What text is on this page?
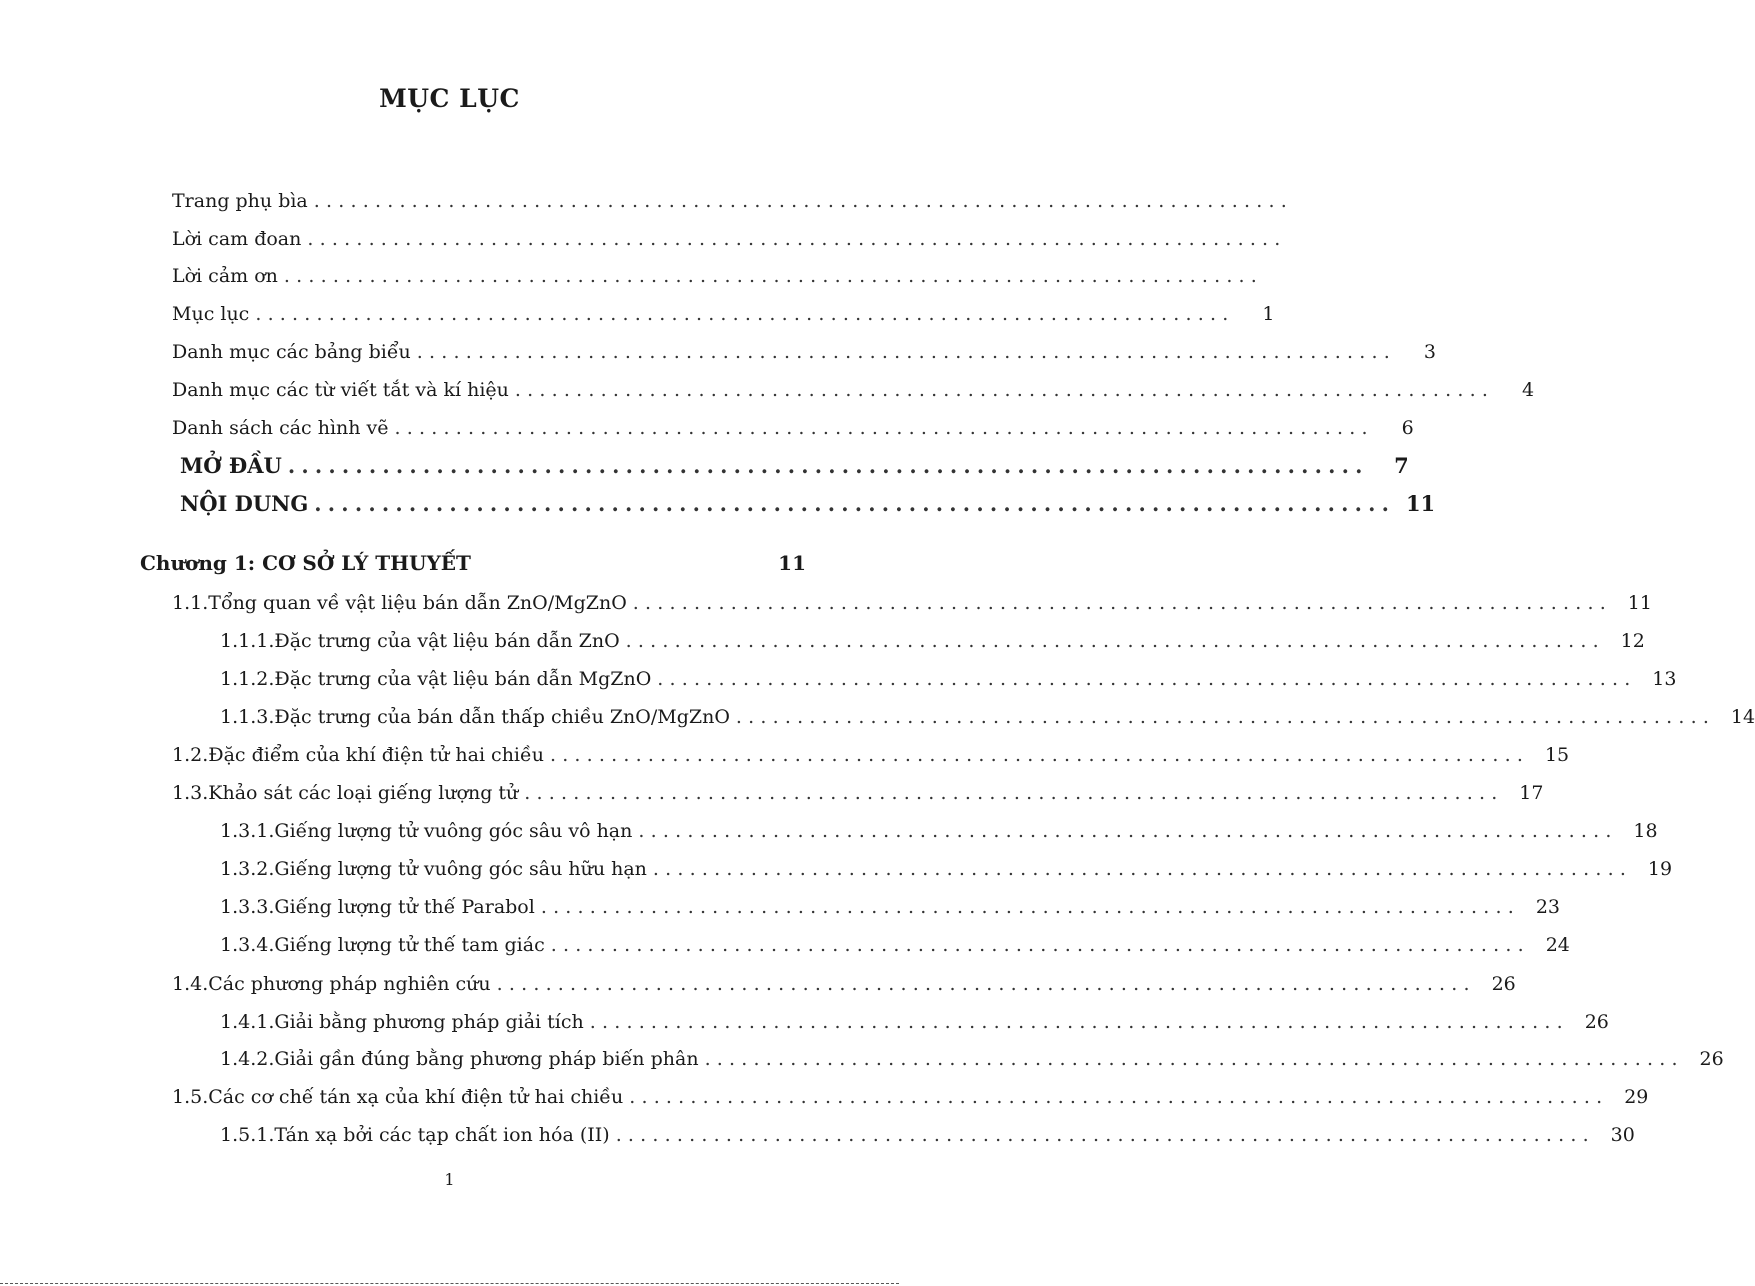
MỤC LỤC
Trang phụ bìa ................................................................................
Lời cam đoan ................................................................................
Lời cảm ơn ................................................................................
Mục lục ................................................................................	1
Danh mục các bảng biểu ................................................................................	3
Danh mục các từ viết tắt và kí hiệu ................................................................................	4
Danh sách các hình vẽ ................................................................................	6
MỞ ĐẦU ................................................................................	7
NỘI DUNG ................................................................................ 11
Chương 1: CƠ SỞ LÝ THUYẾT	11
1.1. Tổng quan về vật liệu bán dẫn ZnO/MgZnO ................................................................................ 11
1.1.1. Đặc trưng của vật liệu bán dẫn ZnO ................................................................................ 12
1.1.2. Đặc trưng của vật liệu bán dẫn MgZnO ................................................................................ 13
1.1.3. Đặc trưng của bán dẫn thấp chiều ZnO/MgZnO ................................................................................ 14
1.2. Đặc điểm của khí điện tử hai chiều ................................................................................ 15
1.3. Khảo sát các loại giếng lượng tử ................................................................................ 17
1.3.1. Giếng lượng tử vuông góc sâu vô hạn ................................................................................ 18
1.3.2. Giếng lượng tử vuông góc sâu hữu hạn ................................................................................ 19
1.3.3. Giếng lượng tử thế Parabol ................................................................................ 23
1.3.4. Giếng lượng tử thế tam giác ................................................................................ 24
1.4. Các phương pháp nghiên cứu ................................................................................ 26
1.4.1. Giải bằng phương pháp giải tích ................................................................................ 26
1.4.2. Giải gần đúng bằng phương pháp biến phân ................................................................................ 26
1.5. Các cơ chế tán xạ của khí điện tử hai chiều ................................................................................ 29
1.5.1. Tán xạ bởi các tạp chất ion hóa (II) ................................................................................ 30
1
